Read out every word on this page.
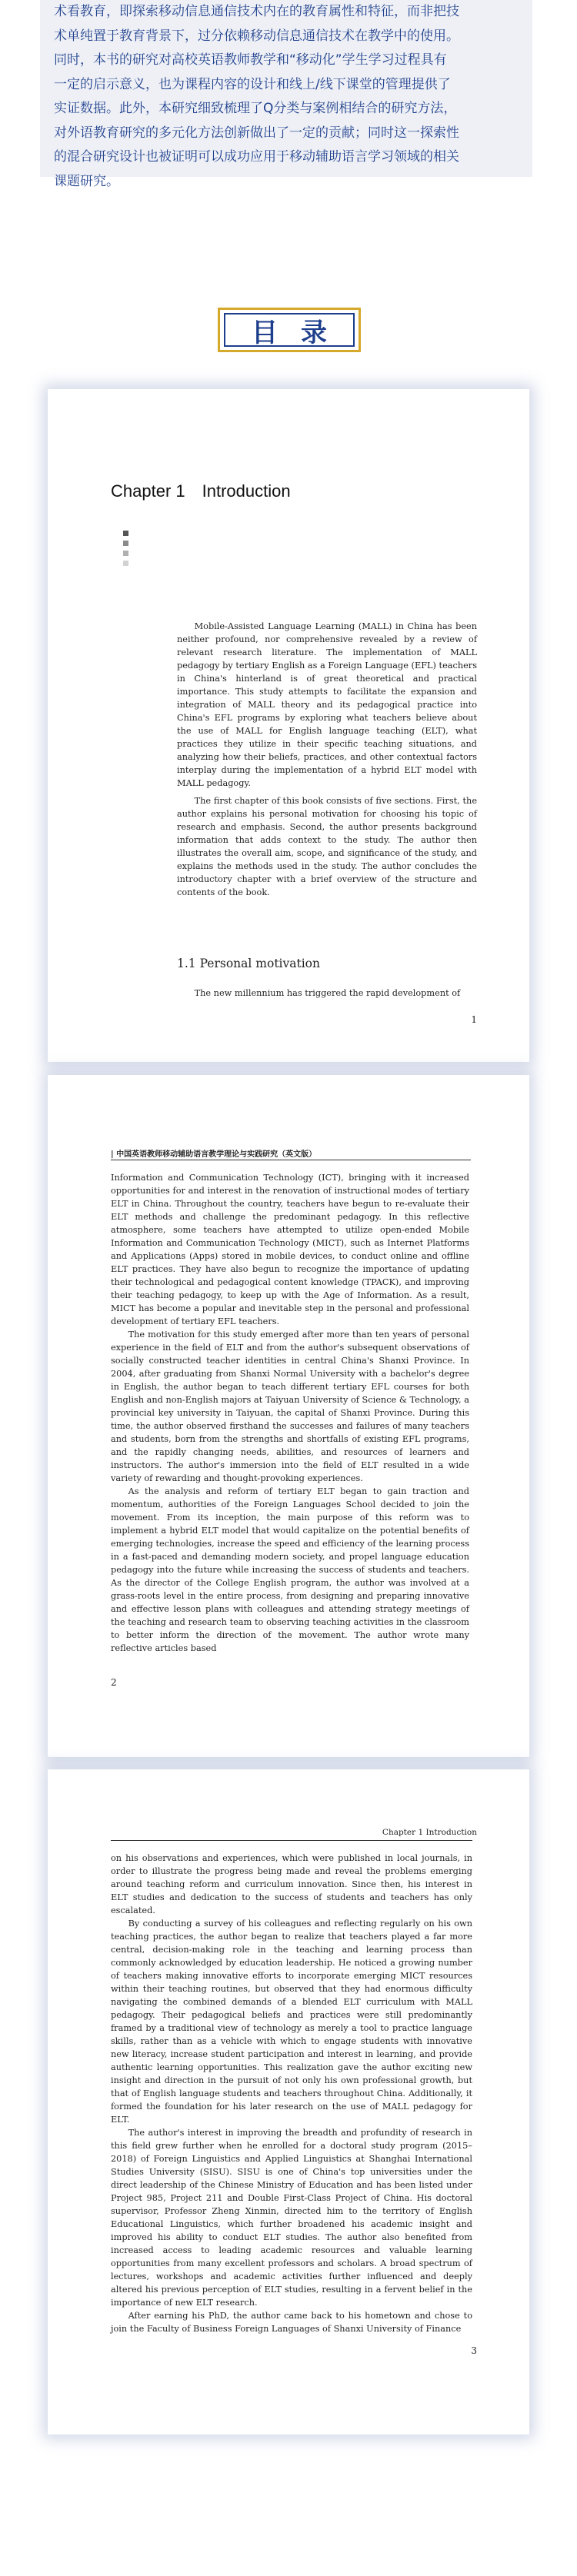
术看教育，即探索移动信息通信技术内在的教育属性和特征，而非把技

术单纯置于教育背景下，过分依赖移动信息通信技术在教学中的使用。

同时，本书的研究对高校英语教师教学和“移动化”学生学习过程具有

一定的启示意义，也为课程内容的设计和线上/线下课堂的管理提供了

实证数据。此外，本研究细致梳理了Q分类与案例相结合的研究方法，

对外语教育研究的多元化方法创新做出了一定的贡献；同时这一探索性

的混合研究设计也被证明可以成功应用于移动辅助语言学习领域的相关

课题研究。

目录
Chapter 1 Introduction

Mobile-Assisted Language Learning (MALL) in China has been neither profound, nor comprehensive revealed by a review of relevant research literature. The implementation of MALL pedagogy by tertiary English as a Foreign Language (EFL) teachers in China's hinterland is of great theoretical and practical importance. This study attempts to facilitate the expansion and integration of MALL theory and its pedagogical practice into China's EFL programs by exploring what teachers believe about the use of MALL for English language teaching (ELT), what practices they utilize in their specific teaching situations, and analyzing how their beliefs, practices, and other contextual factors interplay during the implementation of a hybrid ELT model with MALL pedagogy.

The first chapter of this book consists of five sections. First, the author explains his personal motivation for choosing his topic of research and emphasis. Second, the author presents background information that adds context to the study. The author then illustrates the overall aim, scope, and significance of the study, and explains the methods used in the study. The author concludes the introductory chapter with a brief overview of the structure and contents of the book.

1.1 Personal motivation

The new millennium has triggered the rapid development of

1
| 中国英语教师移动辅助语言教学理论与实践研究（英文版）

Information and Communication Technology (ICT), bringing with it increased opportunities for and interest in the renovation of instructional modes of tertiary ELT in China. Throughout the country, teachers have begun to re-evaluate their ELT methods and challenge the predominant pedagogy. In this reflective atmosphere, some teachers have attempted to utilize open-ended Mobile Information and Communication Technology (MICT), such as Internet Platforms and Applications (Apps) stored in mobile devices, to conduct online and offline ELT practices. They have also begun to recognize the importance of updating their technological and pedagogical content knowledge (TPACK), and improving their teaching pedagogy, to keep up with the Age of Information. As a result, MICT has become a popular and inevitable step in the personal and professional development of tertiary EFL teachers.

The motivation for this study emerged after more than ten years of personal experience in the field of ELT and from the author's subsequent observations of socially constructed teacher identities in central China's Shanxi Province. In 2004, after graduating from Shanxi Normal University with a bachelor's degree in English, the author began to teach different tertiary EFL courses for both English and non-English majors at Taiyuan University of Science & Technology, a provincial key university in Taiyuan, the capital of Shanxi Province. During this time, the author observed firsthand the successes and failures of many teachers and students, born from the strengths and shortfalls of existing EFL programs, and the rapidly changing needs, abilities, and resources of learners and instructors. The author's immersion into the field of ELT resulted in a wide variety of rewarding and thought-provoking experiences.

As the analysis and reform of tertiary ELT began to gain traction and momentum, authorities of the Foreign Languages School decided to join the movement. From its inception, the main purpose of this reform was to implement a hybrid ELT model that would capitalize on the potential benefits of emerging technologies, increase the speed and efficiency of the learning process in a fast-paced and demanding modern society, and propel language education pedagogy into the future while increasing the success of students and teachers. As the director of the College English program, the author was involved at a grass-roots level in the entire process, from designing and preparing innovative and effective lesson plans with colleagues and attending strategy meetings of the teaching and research team to observing teaching activities in the classroom to better inform the direction of the movement. The author wrote many reflective articles based

2
Chapter 1 Introduction

on his observations and experiences, which were published in local journals, in order to illustrate the progress being made and reveal the problems emerging around teaching reform and curriculum innovation. Since then, his interest in ELT studies and dedication to the success of students and teachers has only escalated.

By conducting a survey of his colleagues and reflecting regularly on his own teaching practices, the author began to realize that teachers played a far more central, decision-making role in the teaching and learning process than commonly acknowledged by education leadership. He noticed a growing number of teachers making innovative efforts to incorporate emerging MICT resources within their teaching routines, but observed that they had enormous difficulty navigating the combined demands of a blended ELT curriculum with MALL pedagogy. Their pedagogical beliefs and practices were still predominantly framed by a traditional view of technology as merely a tool to practice language skills, rather than as a vehicle with which to engage students with innovative new literacy, increase student participation and interest in learning, and provide authentic learning opportunities. This realization gave the author exciting new insight and direction in the pursuit of not only his own professional growth, but that of English language students and teachers throughout China. Additionally, it formed the foundation for his later research on the use of MALL pedagogy for ELT.

The author's interest in improving the breadth and profundity of research in this field grew further when he enrolled for a doctoral study program (2015–2018) of Foreign Linguistics and Applied Linguistics at Shanghai International Studies University (SISU). SISU is one of China's top universities under the direct leadership of the Chinese Ministry of Education and has been listed under Project 985, Project 211 and Double First-Class Project of China. His doctoral supervisor, Professor Zheng Xinmin, directed him to the territory of English Educational Linguistics, which further broadened his academic insight and improved his ability to conduct ELT studies. The author also benefited from increased access to leading academic resources and valuable learning opportunities from many excellent professors and scholars. A broad spectrum of lectures, workshops and academic activities further influenced and deeply altered his previous perception of ELT studies, resulting in a fervent belief in the importance of new ELT research.

After earning his PhD, the author came back to his hometown and chose to join the Faculty of Business Foreign Languages of Shanxi University of Finance

3
